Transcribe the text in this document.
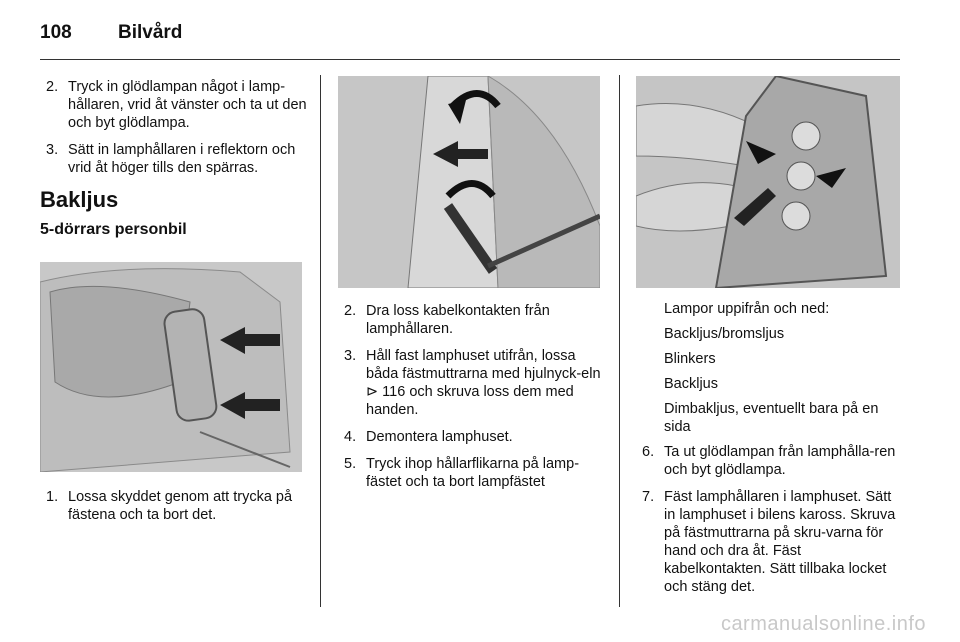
108 Bilvård
2. Tryck in glödlampan något i lamp-hållaren, vrid åt vänster och ta ut den och byt glödlampa.
3. Sätt in lamphållaren i reflektorn och vrid åt höger tills den spärras.
Bakljus
5-dörrars personbil
1. Lossa skyddet genom att trycka på fästena och ta bort det.
2. Dra loss kabelkontakten från lamphållaren.
3. Håll fast lamphuset utifrån, lossa båda fästmuttrarna med hjulnyck-eln ⊳ 116 och skruva loss dem med handen.
4. Demontera lamphuset.
5. Tryck ihop hållarflikarna på lamp-fästet och ta bort lampfästet
Lampor uppifrån och ned:
Backljus/bromsljus
Blinkers
Backljus
Dimbakljus, eventuellt bara på en sida
6. Ta ut glödlampan från lamphålla-ren och byt glödlampa.
7. Fäst lamphållaren i lamphuset. Sätt in lamphuset i bilens kaross. Skruva på fästmuttrarna på skru-varna för hand och dra åt. Fäst kabelkontakten. Sätt tillbaka locket och stäng det.
carmanualsonline.info
